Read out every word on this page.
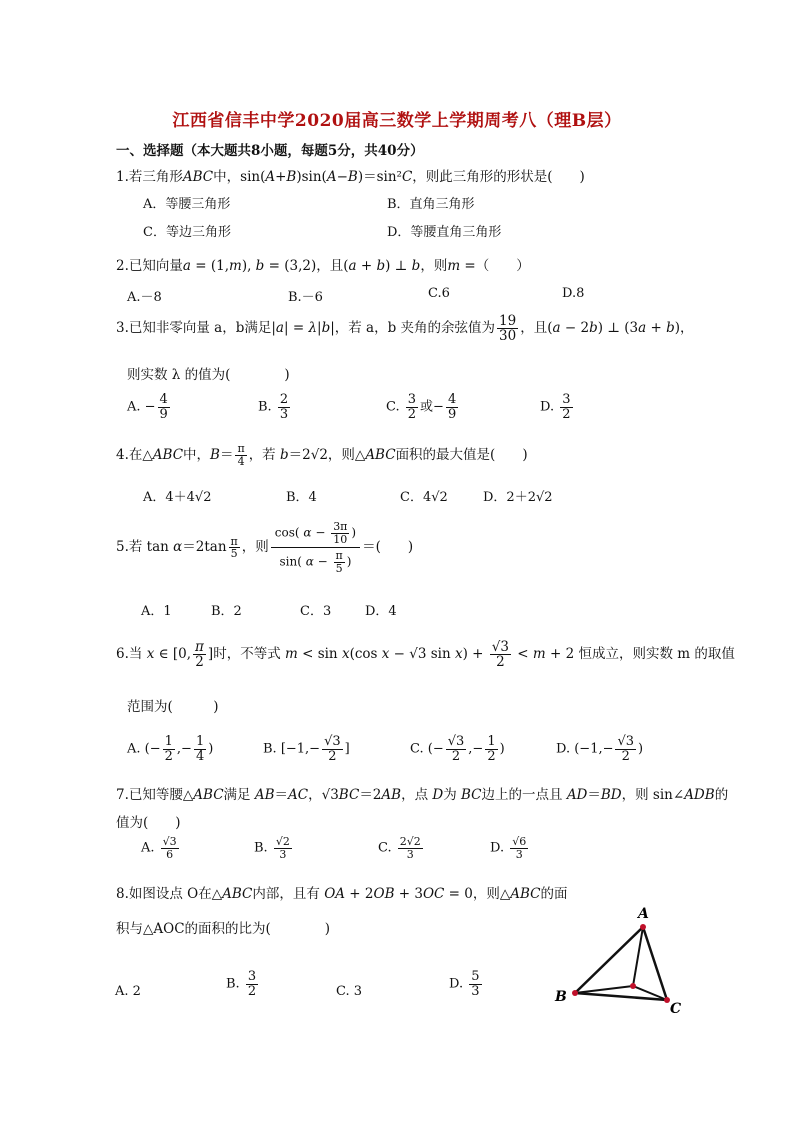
江西省信丰中学2020届高三数学上学期周考八（理B层）
一、选择题（本大题共8小题，每题5分，共40分）
1.若三角形ABC中，sin(A+B)sin(A−B)＝sin²C，则此三角形的形状是(　　)
A．等腰三角形	B．直角三角形
C．等边三角形	D．等腰直角三角形
2.已知向量a = (1,m), b = (3,2)，且(a + b) ⊥ b，则m =（　　）
A.－8	B.－6	C.6	D.8
3.已知非零向量 a，b满足|a| = λ|b|，若 a，b 夹角的余弦值为 $\frac{19}{30}$ ，且(a − 2b) ⊥ (3a + b)，
则实数 λ 的值为(　　　　)
A. − $\frac{4}{9}$	B. $\frac{2}{3}$	C. $\frac{3}{2}$ 或− $\frac{4}{9}$	D. $\frac{3}{2}$
4.在△ABC中，$B= \frac{\pi}{4}$ ，若 b＝2√2，则△ABC面积的最大值是(　　)
A．4＋4√2	B．4	C．4√2	D．2＋2√2
5.若 $\tan \alpha=2\tan \frac{\pi}{5}$ ，则 $\frac{\cos( \alpha - \frac{3\pi}{10} )}{\sin( \alpha - \frac{\pi}{5} )}$ ＝(　　)
A．1	B．2	C．3	D．4
6.当 x ∈ [0, $\frac{\pi}{2}$ ]时，不等式 m < sin x(cos x − √3 $\sin x) + \frac{√3}{2} < m + 2$ 恒成立，则实数 m 的取值
范围为(　　　)
A. (− $\frac{1}{2}$ ,− $\frac{1}{4}$ )	B. [$-1,- \frac{√3}{2}$ ]	C. (− $\frac{√3}{2}$ ,− $\frac{1}{2}$ )	D. ($-1,- \frac{√3}{2}$ )
7.已知等腰△ABC满足 AB＝AC，√3BC＝2AB，点 D为 BC边上的一点且 AD＝BD，则 sin∠ADB的
值为(　　)
A. $\frac{√3}{6}$	B. $\frac{√2}{3}$	C. $\frac{2√2}{3}$	D. $\frac{√6}{3}$
8.如图设点 O在△ABC内部，且有 OA + 2OB + 3OC = 0，则△ABC的面
积与△AOC的面积的比为(　　　　)
A. 2	B. $\frac{3}{2}$	C. 3	D. $\frac{5}{3}$
A
B
C
